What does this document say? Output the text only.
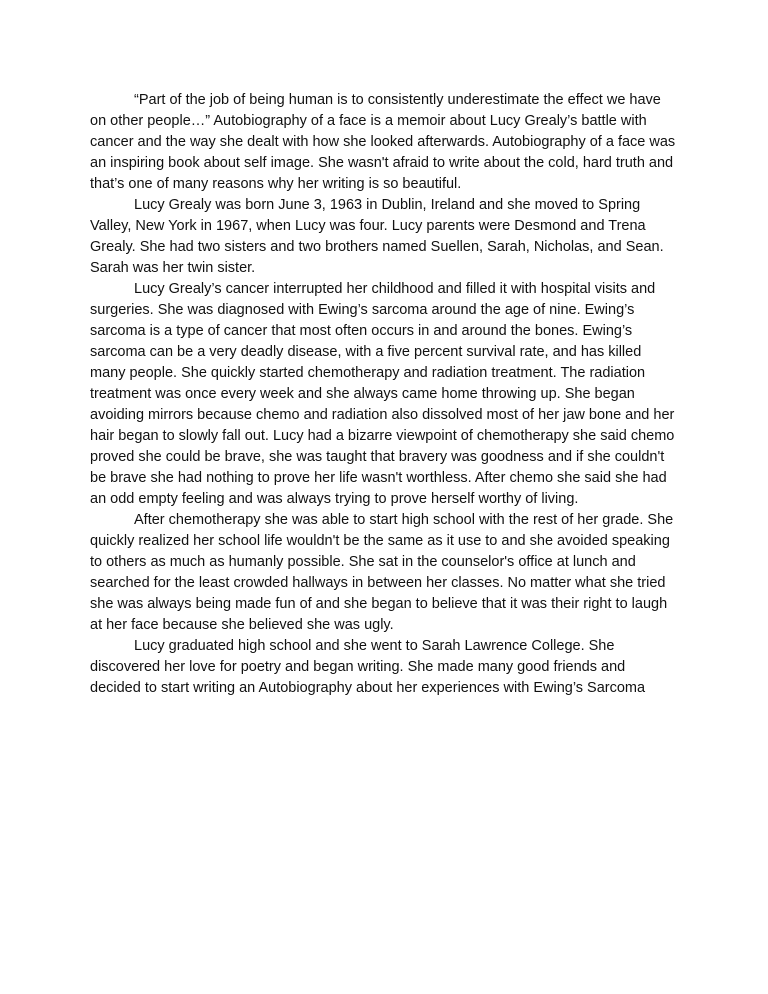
“Part of the job of being human is to consistently underestimate the effect we have on other people…” Autobiography of a face is a memoir about Lucy Grealy’s battle with cancer and the way she dealt with how she looked afterwards. Autobiography of a face was an inspiring book about self image. She wasn't afraid to write about the cold, hard truth and that’s one of many reasons why her writing is so beautiful.

Lucy Grealy was born June 3, 1963 in Dublin, Ireland and she moved to Spring Valley, New York in 1967, when Lucy was four. Lucy parents were Desmond and Trena Grealy. She had two sisters and two brothers named Suellen, Sarah, Nicholas, and Sean. Sarah was her twin sister.

Lucy Grealy’s cancer interrupted her childhood and filled it with hospital visits and surgeries. She was diagnosed with Ewing’s sarcoma around the age of nine. Ewing’s sarcoma is a type of cancer that most often occurs in and around the bones. Ewing’s sarcoma can be a very deadly disease, with a five percent survival rate, and has killed many people. She quickly started chemotherapy and radiation treatment. The radiation treatment was once every week and she always came home throwing up. She began avoiding mirrors because chemo and radiation also dissolved most of her jaw bone and her hair began to slowly fall out. Lucy had a bizarre viewpoint of chemotherapy she said chemo proved she could be brave, she was taught that bravery was goodness and if she couldn't be brave she had nothing to prove her life wasn't worthless. After chemo she said she had an odd empty feeling and was always trying to prove herself worthy of living.

After chemotherapy she was able to start high school with the rest of her grade. She quickly realized her school life wouldn't be the same as it use to and she avoided speaking to others as much as humanly possible. She sat in the counselor's office at lunch and searched for the least crowded hallways in between her classes. No matter what she tried she was always being made fun of and she began to believe that it was their right to laugh at her face because she believed she was ugly.

Lucy graduated high school and she went to Sarah Lawrence College. She discovered her love for poetry and began writing. She made many good friends and decided to start writing an Autobiography about her experiences with Ewing’s Sarcoma
